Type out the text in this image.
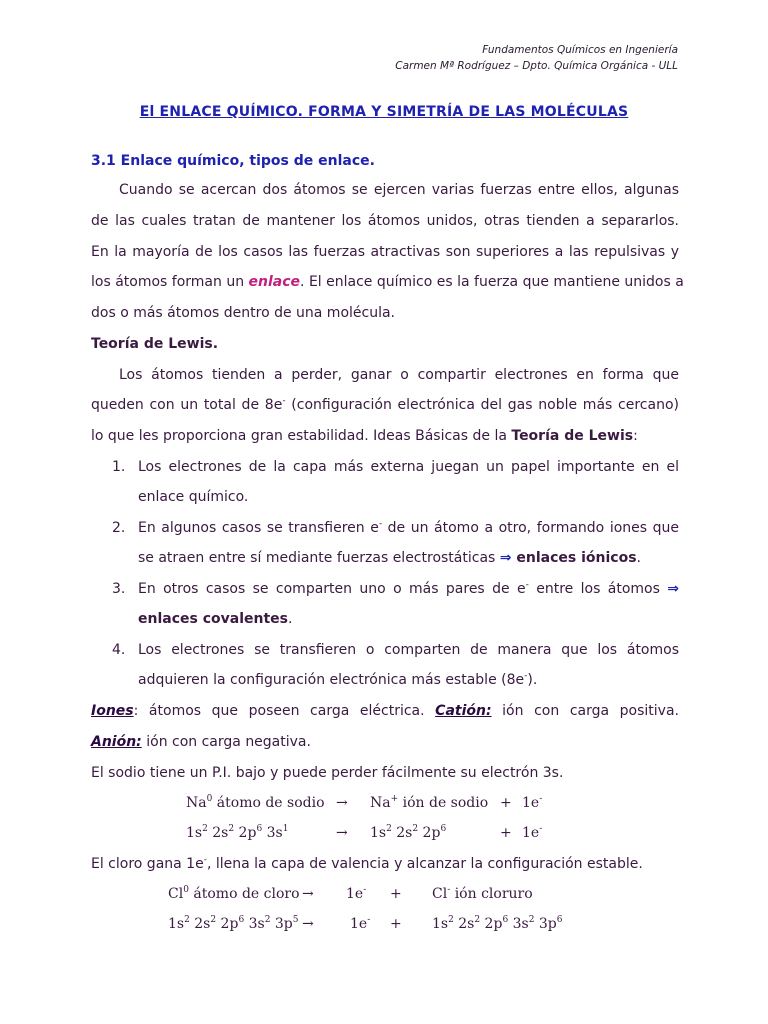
Fundamentos Químicos en Ingeniería
Carmen Mª Rodríguez – Dpto. Química Orgánica - ULL
El ENLACE QUÍMICO. FORMA Y SIMETRÍA DE LAS MOLÉCULAS
3.1 Enlace químico, tipos de enlace.
Cuando se acercan dos átomos se ejercen varias fuerzas entre ellos, algunas
de las cuales tratan de mantener los átomos unidos, otras tienden a separarlos.
En la mayoría de los casos las fuerzas atractivas son superiores a las repulsivas y
los átomos forman un enlace. El enlace químico es la fuerza que mantiene unidos a
dos o más átomos dentro de una molécula.
Teoría de Lewis.
Los átomos tienden a perder, ganar o compartir electrones en forma que
queden con un total de 8e- (configuración electrónica del gas noble más cercano)
lo que les proporciona gran estabilidad. Ideas Básicas de la Teoría de Lewis:
1. Los electrones de la capa más externa juegan un papel importante en el
enlace químico.
2. En algunos casos se transfieren e- de un átomo a otro, formando iones que
se atraen entre sí mediante fuerzas electrostáticas ⇒ enlaces iónicos.
3. En otros casos se comparten uno o más pares de e- entre los átomos ⇒
enlaces covalentes.
4. Los electrones se transfieren o comparten de manera que los átomos
adquieren la configuración electrónica más estable (8e-).
Iones: átomos que poseen carga eléctrica. Catión: ión con carga positiva.
Anión: ión con carga negativa.
El sodio tiene un P.I. bajo y puede perder fácilmente su electrón 3s.
Na$^0$ átomo de sodio → Na+ ión de sodio + 1e-
$1s^2$ $2s^2$ $2p^6$ $3s^1$	→ $1s^2$ $2s^2$ $2p^6$	+ 1e-
El cloro gana 1e-, llena la capa de valencia y alcanzar la configuración estable.
Cl$^0$ átomo de cloro → 1e- + Cl- ión cloruro
$1s^2$ $2s^2$ $2p^6$ $3s^2$ $3p^5$ →	$1e^- + 1s^2$ $2s^2$ $2p^6$ $3s^2$ $3p^6$
